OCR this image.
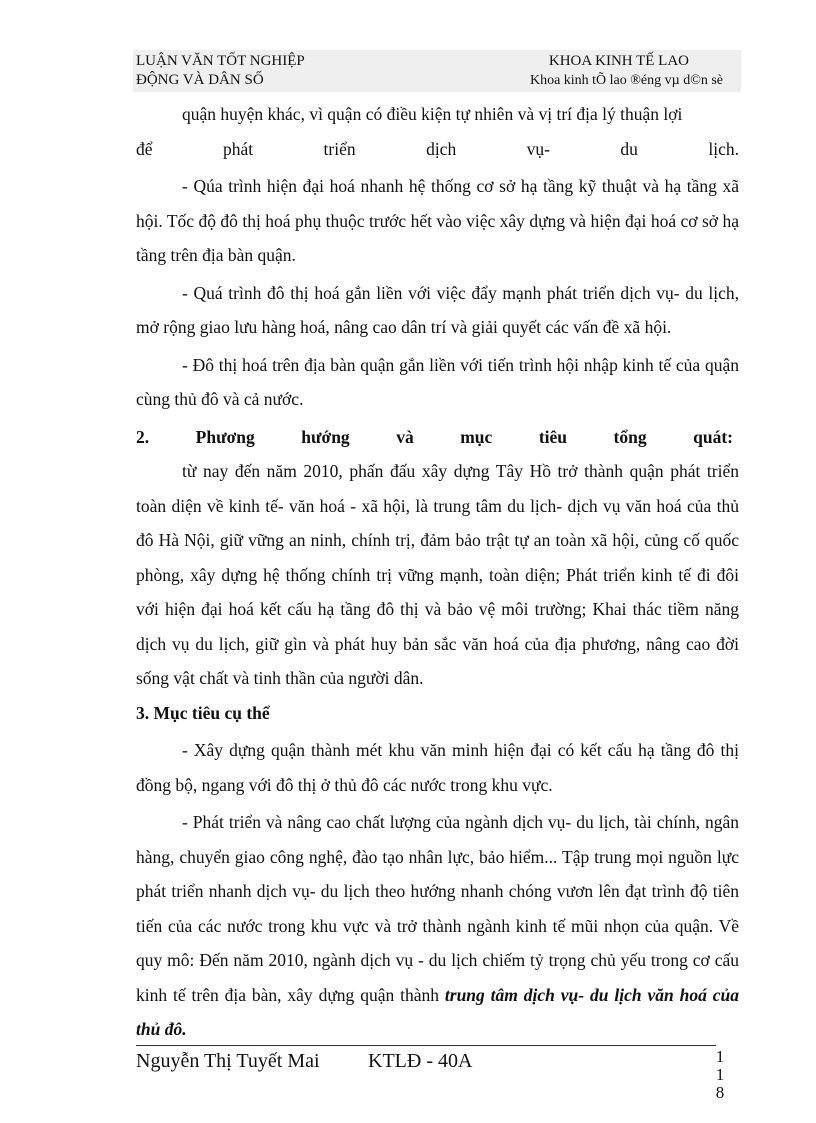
LUẬN VĂN TỐT NGHIỆP
ĐỘNG VÀ DÂN SỐ
KHOA KINH TẾ LAO
Khoa kinh tÕ lao ®éng vµ d©n sè

quận huyện khác, vì quận có điều kiện tự nhiên và vị trí địa lý thuận lợi

để	phát	triển	dịch	vụ-	du	lịch.

- Qúa trình hiện đại hoá nhanh hệ thống cơ sở hạ tầng kỹ thuật và hạ tầng xã hội. Tốc độ đô thị hoá phụ thuộc trước hết vào việc xây dựng và hiện đại hoá cơ sở hạ tầng trên địa bàn quận.

- Quá trình đô thị hoá gắn liền với việc đẩy mạnh phát triển dịch vụ- du lịch, mở rộng giao lưu hàng hoá, nâng cao dân trí và giải quyết các vấn đề xã hội.

- Đô thị hoá trên địa bàn quận gắn liền với tiến trình hội nhập kinh tế của quận cùng thủ đô và cả nước.

2.	Phương	hướng	và	mục	tiêu	tổng	quát:

từ nay đến năm 2010, phấn đấu xây dựng Tây Hồ trở thành quận phát triển toàn diện về kinh tế- văn hoá - xã hội, là trung tâm du lịch- dịch vụ văn hoá của thủ đô Hà Nội, giữ vững an ninh, chính trị, đảm bảo trật tự an toàn xã hội, củng cố quốc phòng, xây dựng hệ thống chính trị vững mạnh, toàn diện; Phát triển kinh tế đi đôi với hiện đại hoá kết cấu hạ tầng đô thị và bảo vệ môi trường; Khai thác tiềm năng dịch vụ du lịch, giữ gìn và phát huy bản sắc văn hoá của địa phương, nâng cao đời sống vật chất và tinh thần của người dân.

3. Mục tiêu cụ thể

- Xây dựng quận thành mét khu văn minh hiện đại có kết cấu hạ tầng đô thị đồng bộ, ngang với đô thị ở thủ đô các nước trong khu vực.

- Phát triển và nâng cao chất lượng của ngành dịch vụ- du lịch, tài chính, ngân hàng, chuyển giao công nghệ, đào tạo nhân lực, bảo hiểm... Tập trung mọi nguồn lực phát triển nhanh dịch vụ- du lịch theo hướng nhanh chóng vươn lên đạt trình độ tiên tiến của các nước trong khu vực và trở thành ngành kinh tế mũi nhọn của quận. Về quy mô: Đến năm 2010, ngành dịch vụ - du lịch chiếm tỷ trọng chủ yếu trong cơ cấu kinh tế trên địa bàn, xây dựng quận thành trung tâm dịch vụ- du lịch văn hoá của thủ đô.

Nguyễn Thị Tuyết Mai KTLĐ - 40A	1
1
8
